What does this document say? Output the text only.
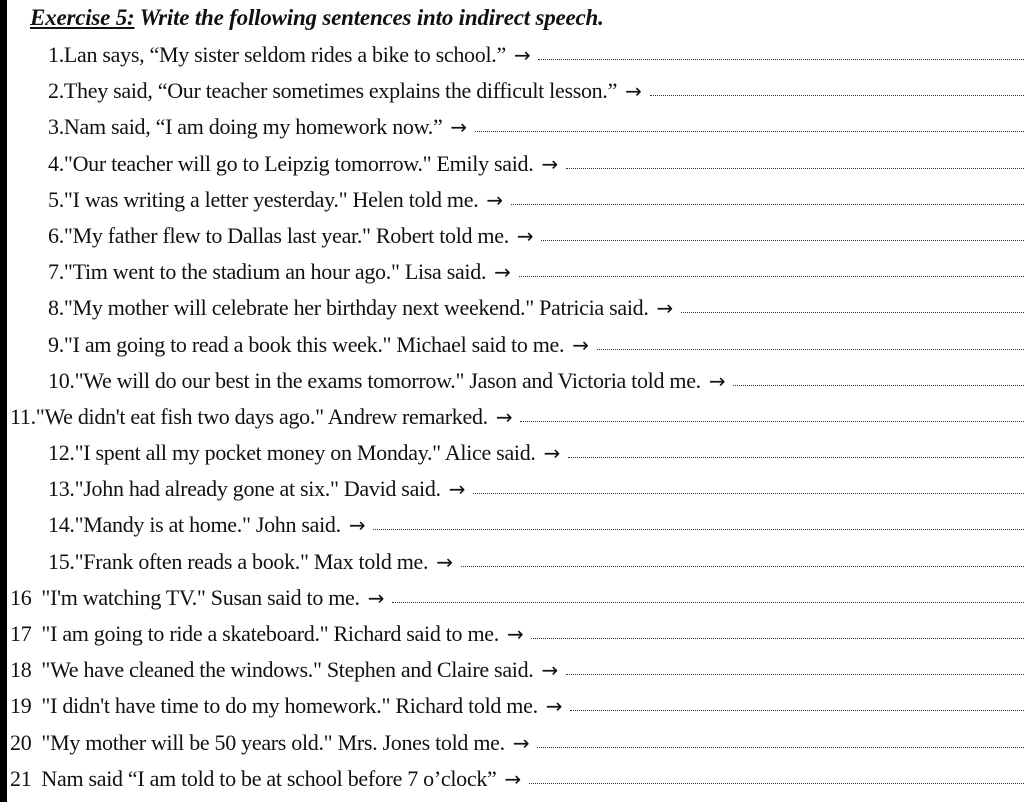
Exercise 5: Write the following sentences into indirect speech.
1. Lan says, “My sister seldom rides a bike to school.” →
2. They said, “Our teacher sometimes explains the difficult lesson.” →
3. Nam said, “I am doing my homework now.” →
4. "Our teacher will go to Leipzig tomorrow." Emily said. →
5. "I was writing a letter yesterday." Helen told me. →
6. "My father flew to Dallas last year." Robert told me. →
7. "Tim went to the stadium an hour ago." Lisa said. →
8. "My mother will celebrate her birthday next weekend." Patricia said. →
9. "I am going to read a book this week." Michael said to me. →
10. "We will do our best in the exams tomorrow." Jason and Victoria told me. →
11. "We didn't eat fish two days ago." Andrew remarked. →
12. "I spent all my pocket money on Monday." Alice said. →
13. "John had already gone at six." David said. →
14. "Mandy is at home." John said. →
15. "Frank often reads a book." Max told me. →
16 "I'm watching TV." Susan said to me. →
17 "I am going to ride a skateboard." Richard said to me. →
18 "We have cleaned the windows." Stephen and Claire said. →
19 "I didn't have time to do my homework." Richard told me. →
20 "My mother will be 50 years old." Mrs. Jones told me. →
21 Nam said “I am told to be at school before 7 o’clock” →
